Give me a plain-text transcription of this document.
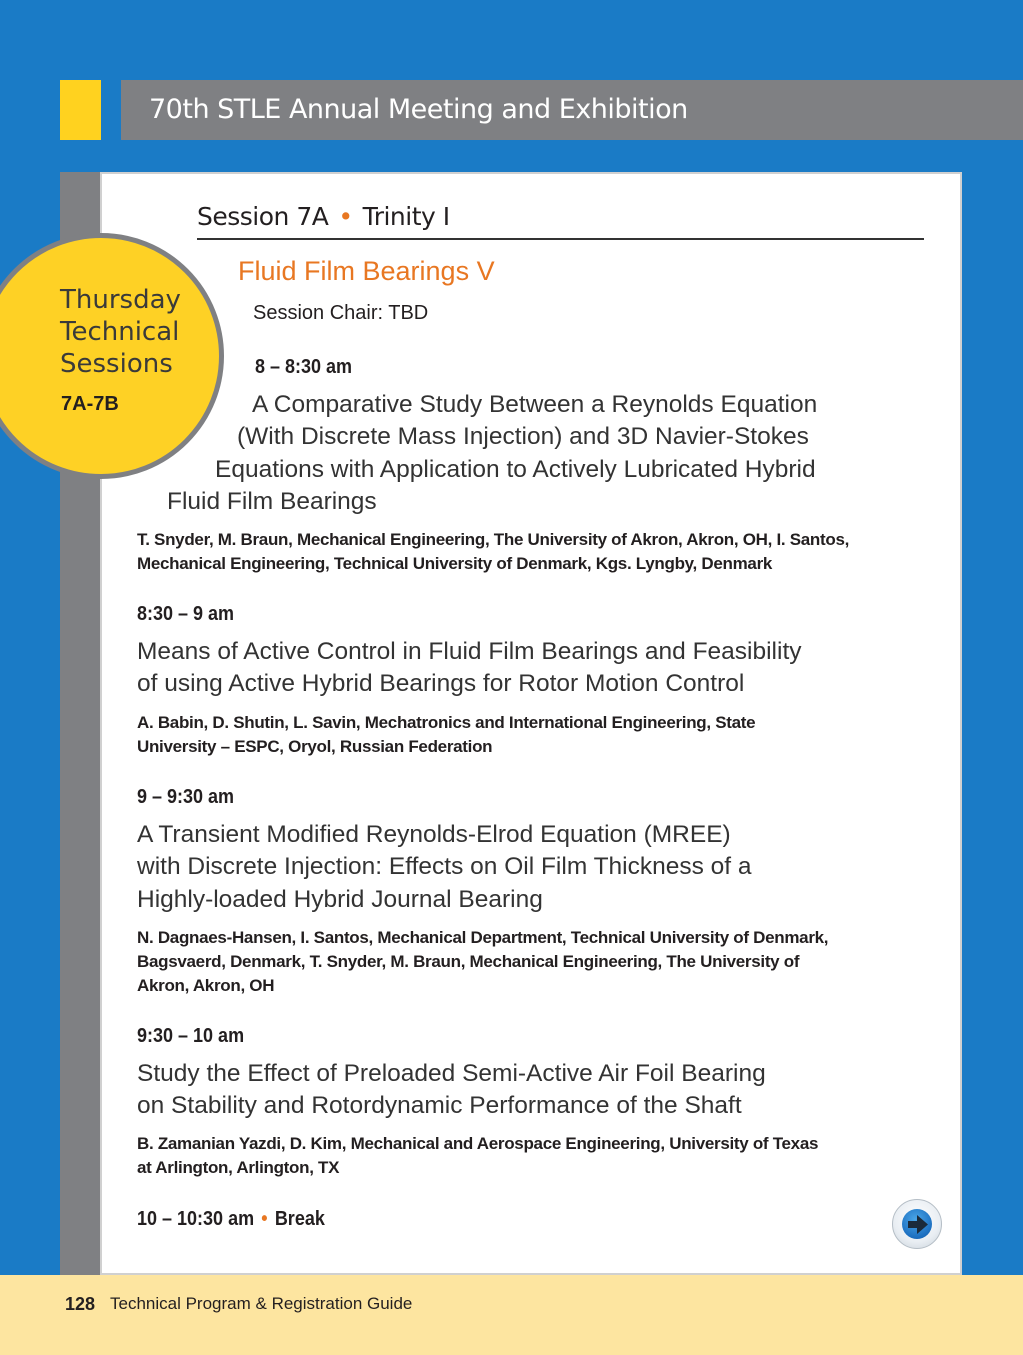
70th STLE Annual Meeting and Exhibition
Session 7A • Trinity I
Thursday
Technical
Sessions
7A-7B
Fluid Film Bearings V
Session Chair: TBD
8 – 8:30 am
A Comparative Study Between a Reynolds Equation
(With Discrete Mass Injection) and 3D Navier-Stokes
Equations with Application to Actively Lubricated Hybrid
Fluid Film Bearings
T. Snyder, M. Braun, Mechanical Engineering, The University of Akron, Akron, OH, I. Santos,
Mechanical Engineering, Technical University of Denmark, Kgs. Lyngby, Denmark
8:30 – 9 am
Means of Active Control in Fluid Film Bearings and Feasibility
of using Active Hybrid Bearings for Rotor Motion Control
A. Babin, D. Shutin, L. Savin, Mechatronics and International Engineering, State
University – ESPC, Oryol, Russian Federation
9 – 9:30 am
A Transient Modified Reynolds-Elrod Equation (MREE)
with Discrete Injection: Effects on Oil Film Thickness of a
Highly-loaded Hybrid Journal Bearing
N. Dagnaes-Hansen, I. Santos, Mechanical Department, Technical University of Denmark,
Bagsvaerd, Denmark, T. Snyder, M. Braun, Mechanical Engineering, The University of
Akron, Akron, OH
9:30 – 10 am
Study the Effect of Preloaded Semi-Active Air Foil Bearing
on Stability and Rotordynamic Performance of the Shaft
B. Zamanian Yazdi, D. Kim, Mechanical and Aerospace Engineering, University of Texas
at Arlington, Arlington, TX
10 – 10:30 am • Break
128 Technical Program & Registration Guide
